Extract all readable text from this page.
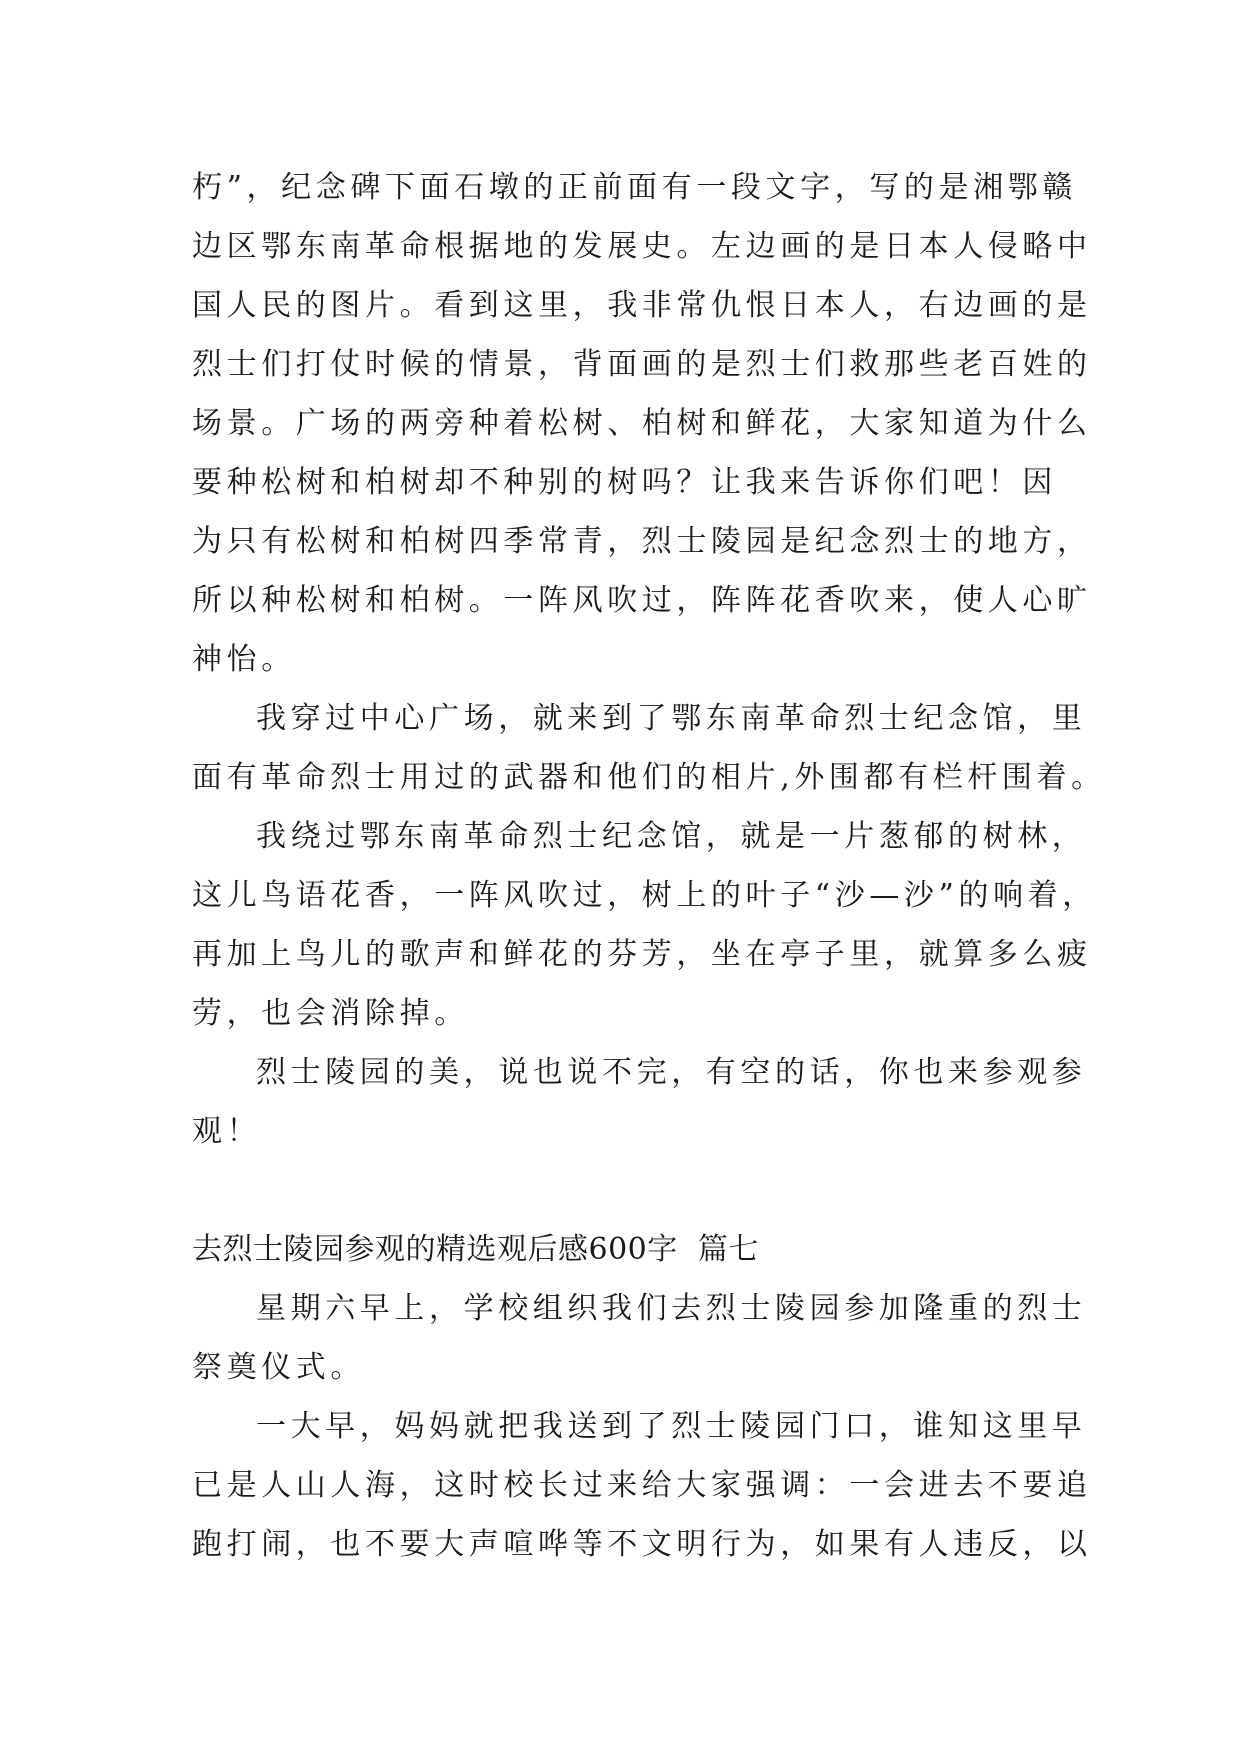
朽”，纪念碑下面石墩的正前面有一段文字，写的是湘鄂赣
边区鄂东南革命根据地的发展史。左边画的是日本人侵略中
国人民的图片。看到这里，我非常仇恨日本人，右边画的是
烈士们打仗时候的情景，背面画的是烈士们救那些老百姓的
场景。广场的两旁种着松树、柏树和鲜花，大家知道为什么
要种松树和柏树却不种别的树吗？让我来告诉你们吧！因
为只有松树和柏树四季常青，烈士陵园是纪念烈士的地方，
所以种松树和柏树。一阵风吹过，阵阵花香吹来，使人心旷
神怡。
我穿过中心广场，就来到了鄂东南革命烈士纪念馆，里
面有革命烈士用过的武器和他们的相片,外围都有栏杆围着。
我绕过鄂东南革命烈士纪念馆，就是一片葱郁的树林，
这儿鸟语花香，一阵风吹过，树上的叶子“沙—沙”的响着，
再加上鸟儿的歌声和鲜花的芬芳，坐在亭子里，就算多么疲
劳，也会消除掉。
烈士陵园的美，说也说不完，有空的话，你也来参观参
观！
去烈士陵园参观的精选观后感600字  篇七
星期六早上，学校组织我们去烈士陵园参加隆重的烈士
祭奠仪式。
一大早，妈妈就把我送到了烈士陵园门口，谁知这里早
已是人山人海，这时校长过来给大家强调：一会进去不要追
跑打闹，也不要大声喧哗等不文明行为，如果有人违反，以
